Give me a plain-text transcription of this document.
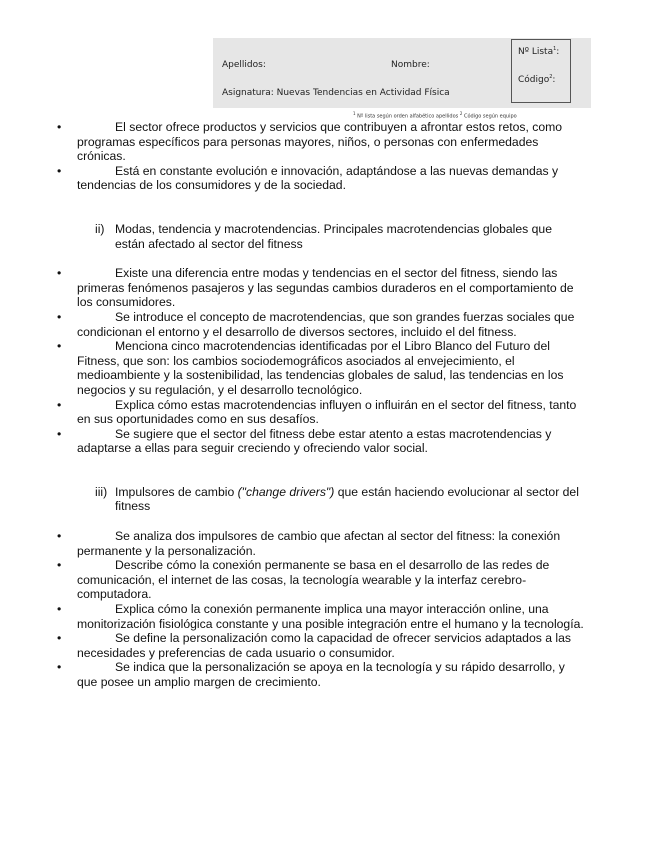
Apellidos:	Nombre:
Asignatura: Nuevas Tendencias en Actividad Física
Nº Lista$^1$:
Código$^2$:
$^1$ Nº lista según orden alfabético apellidos $^2$ Código según equipo
• El sector ofrece productos y servicios que contribuyen a afrontar estos retos, como programas específicos para personas mayores, niños, o personas con enfermedades crónicas.
• Está en constante evolución e innovación, adaptándose a las nuevas demandas y tendencias de los consumidores y de la sociedad.
ii) Modas, tendencia y macrotendencias. Principales macrotendencias globales que están afectado al sector del fitness
• Existe una diferencia entre modas y tendencias en el sector del fitness, siendo las primeras fenómenos pasajeros y las segundas cambios duraderos en el comportamiento de los consumidores.
• Se introduce el concepto de macrotendencias, que son grandes fuerzas sociales que condicionan el entorno y el desarrollo de diversos sectores, incluido el del fitness.
• Menciona cinco macrotendencias identificadas por el Libro Blanco del Futuro del Fitness, que son: los cambios sociodemográficos asociados al envejecimiento, el medioambiente y la sostenibilidad, las tendencias globales de salud, las tendencias en los negocios y su regulación, y el desarrollo tecnológico.
• Explica cómo estas macrotendencias influyen o influirán en el sector del fitness, tanto en sus oportunidades como en sus desafíos.
• Se sugiere que el sector del fitness debe estar atento a estas macrotendencias y adaptarse a ellas para seguir creciendo y ofreciendo valor social.
iii) Impulsores de cambio ("change drivers") que están haciendo evolucionar al sector del fitness
• Se analiza dos impulsores de cambio que afectan al sector del fitness: la conexión permanente y la personalización.
• Describe cómo la conexión permanente se basa en el desarrollo de las redes de comunicación, el internet de las cosas, la tecnología wearable y la interfaz cerebro-computadora.
• Explica cómo la conexión permanente implica una mayor interacción online, una monitorización fisiológica constante y una posible integración entre el humano y la tecnología.
• Se define la personalización como la capacidad de ofrecer servicios adaptados a las necesidades y preferencias de cada usuario o consumidor.
• Se indica que la personalización se apoya en la tecnología y su rápido desarrollo, y que posee un amplio margen de crecimiento.
